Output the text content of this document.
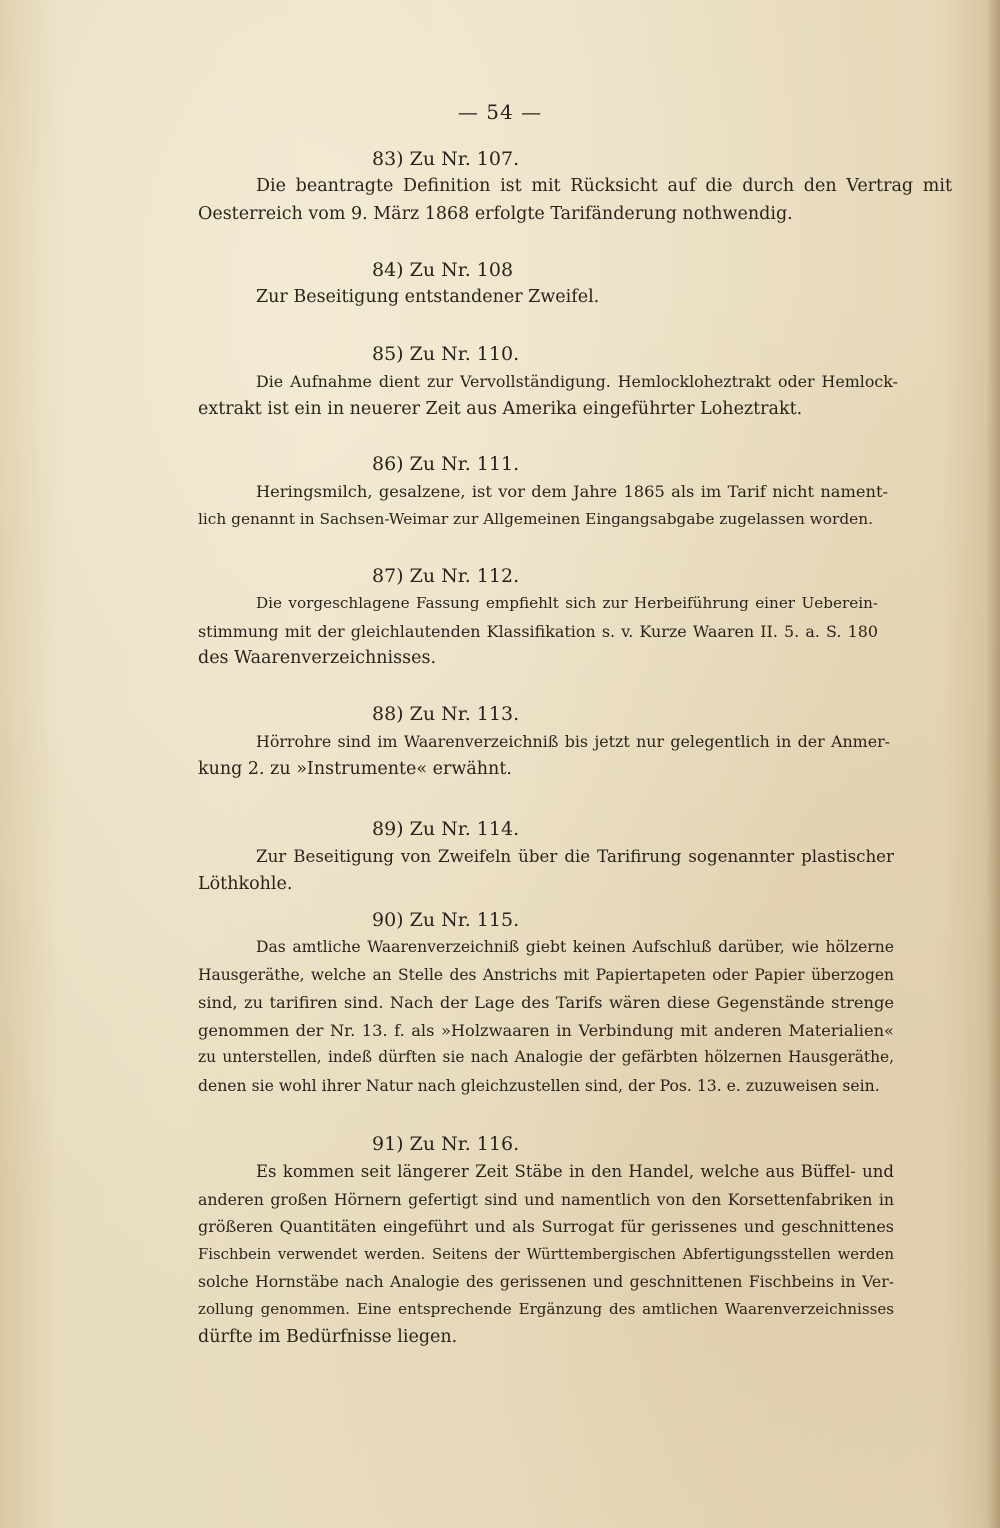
— 54 —
83) Zu Nr. 107.
Die beantragte Definition ist mit Rücksicht auf die durch den Vertrag mit
Oesterreich vom 9. März 1868 erfolgte Tarifänderung nothwendig.
84) Zu Nr. 108
Zur Beseitigung entstandener Zweifel.
85) Zu Nr. 110.
Die Aufnahme dient zur Vervollständigung. Hemlockloheztrakt oder Hemlock-
extrakt ist ein in neuerer Zeit aus Amerika eingeführter Loheztrakt.
86) Zu Nr. 111.
Heringsmilch, gesalzene, ist vor dem Jahre 1865 als im Tarif nicht nament-
lich genannt in Sachsen-Weimar zur Allgemeinen Eingangsabgabe zugelassen worden.
87) Zu Nr. 112.
Die vorgeschlagene Fassung empfiehlt sich zur Herbeiführung einer Ueberein-
stimmung mit der gleichlautenden Klassifikation s. v. Kurze Waaren II. 5. a. S. 180
des Waarenverzeichnisses.
88) Zu Nr. 113.
Hörrohre sind im Waarenverzeichniß bis jetzt nur gelegentlich in der Anmer-
kung 2. zu »Instrumente« erwähnt.
89) Zu Nr. 114.
Zur Beseitigung von Zweifeln über die Tarifirung sogenannter plastischer
Löthkohle.
90) Zu Nr. 115.
Das amtliche Waarenverzeichniß giebt keinen Aufschluß darüber, wie hölzerne
Hausgeräthe, welche an Stelle des Anstrichs mit Papiertapeten oder Papier überzogen
sind, zu tarifiren sind. Nach der Lage des Tarifs wären diese Gegenstände strenge
genommen der Nr. 13. f. als »Holzwaaren in Verbindung mit anderen Materialien«
zu unterstellen, indeß dürften sie nach Analogie der gefärbten hölzernen Hausgeräthe,
denen sie wohl ihrer Natur nach gleichzustellen sind, der Pos. 13. e. zuzuweisen sein.
91) Zu Nr. 116.
Es kommen seit längerer Zeit Stäbe in den Handel, welche aus Büffel- und
anderen großen Hörnern gefertigt sind und namentlich von den Korsettenfabriken in
größeren Quantitäten eingeführt und als Surrogat für gerissenes und geschnittenes
Fischbein verwendet werden. Seitens der Württembergischen Abfertigungsstellen werden
solche Hornstäbe nach Analogie des gerissenen und geschnittenen Fischbeins in Ver-
zollung genommen. Eine entsprechende Ergänzung des amtlichen Waarenverzeichnisses
dürfte im Bedürfnisse liegen.
